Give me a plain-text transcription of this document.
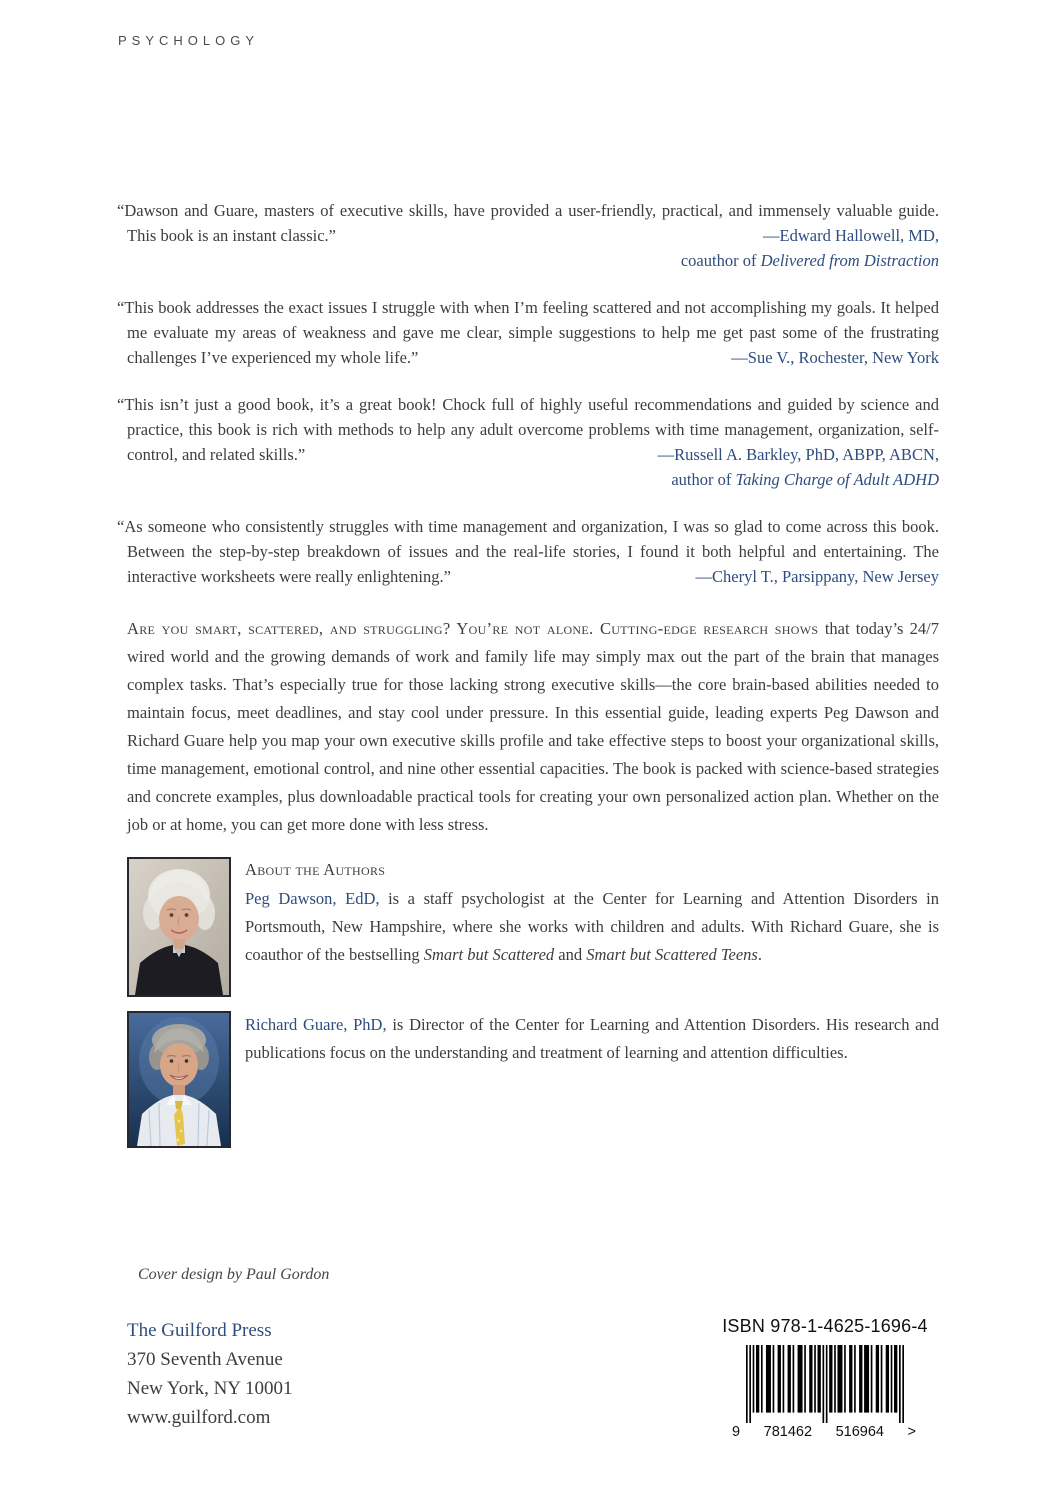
PSYCHOLOGY

“Dawson and Guare, masters of executive skills, have provided a user-friendly, practical, and immensely valuable guide. This book is an instant classic.”	—Edward Hallowell, MD,

coauthor of Delivered from Distraction

“This book addresses the exact issues I struggle with when I’m feeling scattered and not accomplishing my goals. It helped me evaluate my areas of weakness and gave me clear, simple suggestions to help me get past some of the frustrating challenges I’ve experienced my whole life.”	—Sue V., Rochester, New York

“This isn’t just a good book, it’s a great book! Chock full of highly useful recommendations and guided by science and practice, this book is rich with methods to help any adult overcome problems with time management, organization, self-control, and related skills.”	—Russell A. Barkley, PhD, ABPP, ABCN,

author of Taking Charge of Adult ADHD

“As someone who consistently struggles with time management and organization, I was so glad to come across this book. Between the step-by-step breakdown of issues and the real-life stories, I found it both helpful and entertaining. The interactive worksheets were really enlightening.”	—Cheryl T., Parsippany, New Jersey

Are you smart, scattered, and struggling? You’re not alone. Cutting-edge research shows that today’s 24/7 wired world and the growing demands of work and family life may simply max out the part of the brain that manages complex tasks. That’s especially true for those lacking strong executive skills—the core brain-based abilities needed to maintain focus, meet deadlines, and stay cool under pressure. In this essential guide, leading experts Peg Dawson and Richard Guare help you map your own executive skills profile and take effective steps to boost your organizational skills, time management, emotional control, and nine other essential capacities. The book is packed with science-based strategies and concrete examples, plus downloadable practical tools for creating your own personalized action plan. Whether on the job or at home, you can get more done with less stress.

About the Authors

Peg Dawson, EdD, is a staff psychologist at the Center for Learning and Attention Disorders in Portsmouth, New Hampshire, where she works with children and adults. With Richard Guare, she is coauthor of the bestselling Smart but Scattered and Smart but Scattered Teens.

Richard Guare, PhD, is Director of the Center for Learning and Attention Disorders. His research and publications focus on the understanding and treatment of learning and attention difficulties.

Cover design by Paul Gordon
The Guilford Press
370 Seventh Avenue
New York, NY 10001
www.guilford.com
ISBN 978-1-4625-1696-4
9 781462 516964 >
